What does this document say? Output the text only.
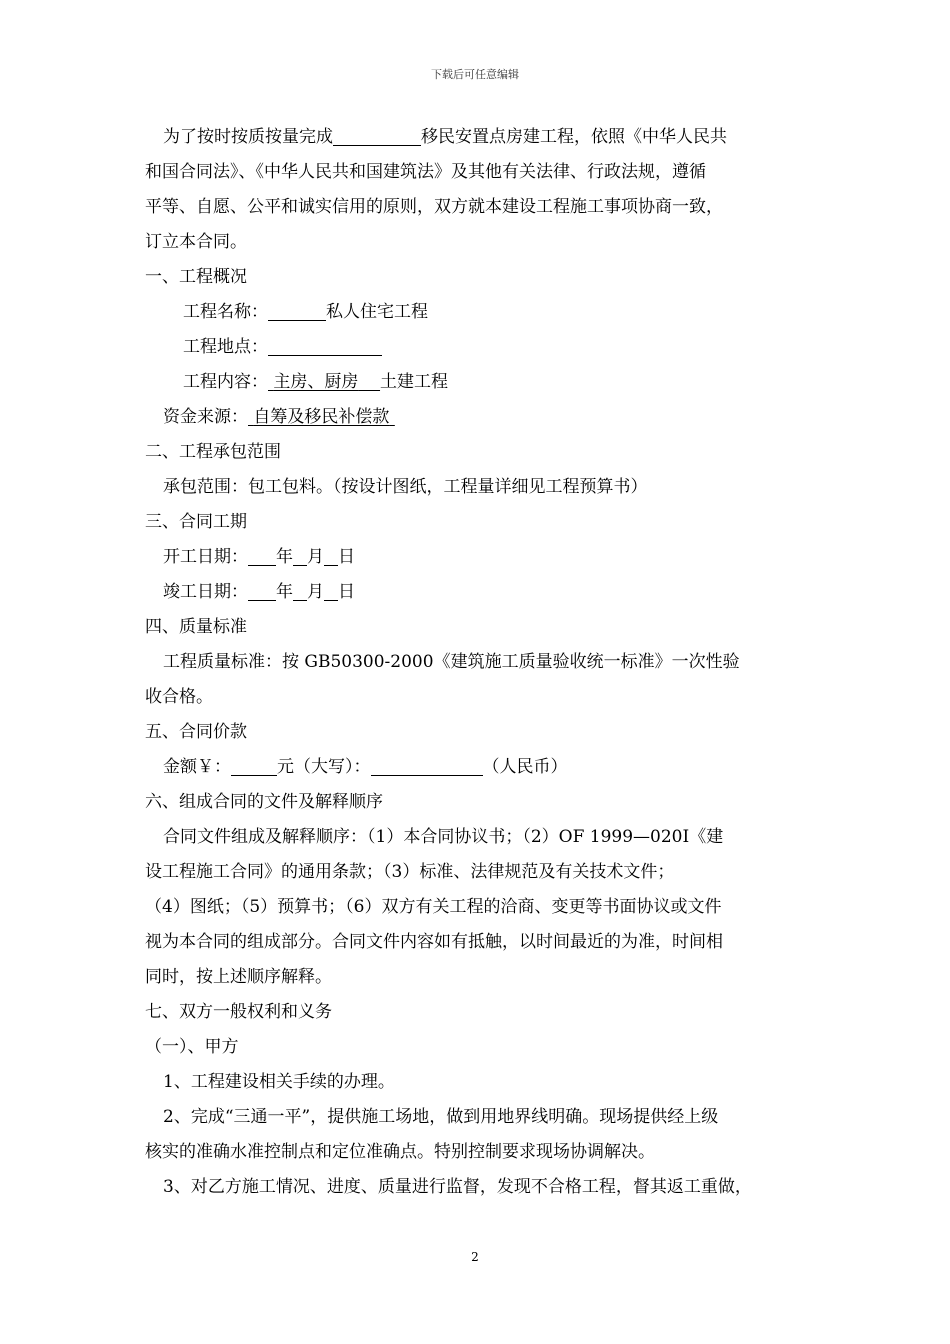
下载后可任意编辑
为了按时按质按量完成	移民安置点房建工程，依照《中华人民共
和国合同法》、《中华人民共和国建筑法》及其他有关法律、行政法规，遵循
平等、自愿、公平和诚实信用的原则，双方就本建设工程施工事项协商一致，
订立本合同。
一、工程概况
工程名称：	私人住宅工程
工程地点：
工程内容： 主房、厨房 土建工程
资金来源： 自筹及移民补偿款
二、工程承包范围
承包范围：包工包料。（按设计图纸，工程量详细见工程预算书）
三、合同工期
开工日期： 年 月 日
竣工日期： 年 月 日
四、质量标准
工程质量标准：按 GB50300-2000《建筑施工质量验收统一标准》一次性验
收合格。
五、合同价款
金额￥：	元（大写）：	（人民币）
六、组成合同的文件及解释顺序
合同文件组成及解释顺序：（1）本合同协议书；（2）OF 1999—020I《建
设工程施工合同》的通用条款；（3）标准、法律规范及有关技术文件；
（4）图纸；（5）预算书；（6）双方有关工程的洽商、变更等书面协议或文件
视为本合同的组成部分。合同文件内容如有抵触，以时间最近的为准，时间相
同时，按上述顺序解释。
七、双方一般权利和义务
（一）、甲方
1、工程建设相关手续的办理。
2、完成“三通一平”，提供施工场地，做到用地界线明确。现场提供经上级
核实的准确水准控制点和定位准确点。特别控制要求现场协调解决。
3、对乙方施工情况、进度、质量进行监督，发现不合格工程，督其返工重做，
2
